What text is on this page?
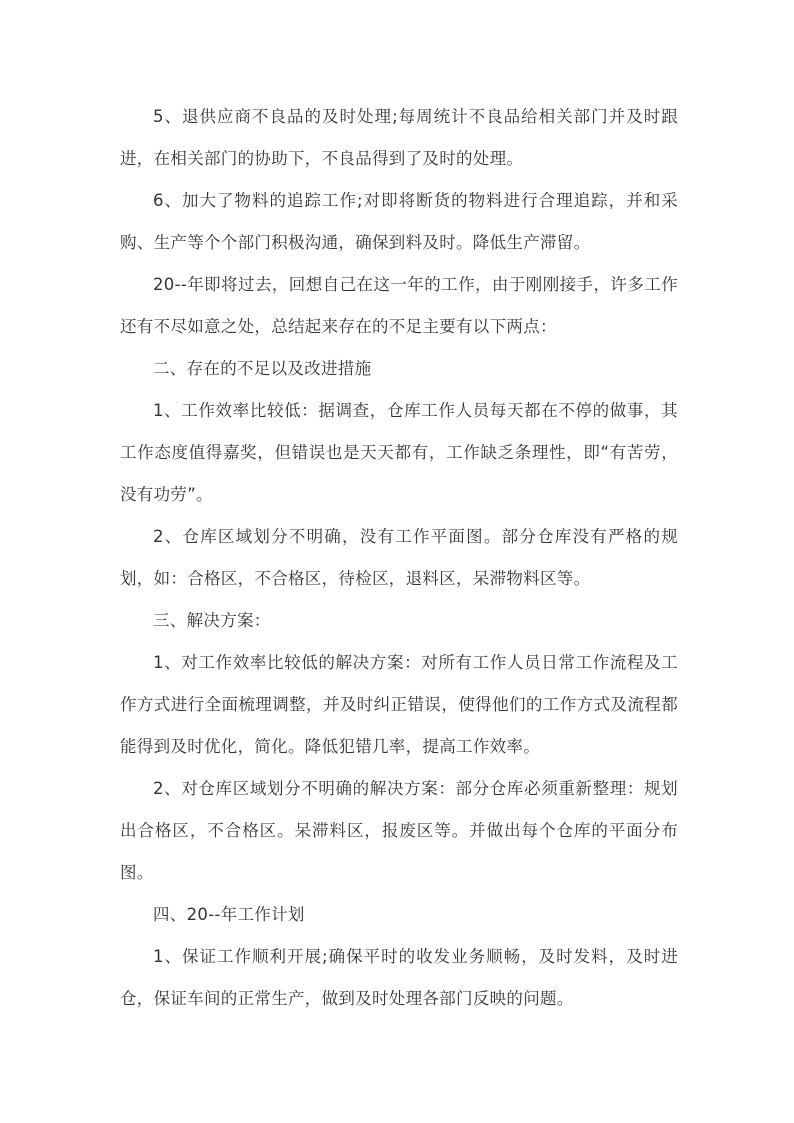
5、退供应商不良品的及时处理;每周统计不良品给相关部门并及时跟进，在相关部门的协助下，不良品得到了及时的处理。

6、加大了物料的追踪工作;对即将断货的物料进行合理追踪，并和采购、生产等个个部门积极沟通，确保到料及时。降低生产滞留。

20--年即将过去，回想自己在这一年的工作，由于刚刚接手，许多工作还有不尽如意之处，总结起来存在的不足主要有以下两点：

二、存在的不足以及改进措施

1、工作效率比较低：据调查，仓库工作人员每天都在不停的做事，其工作态度值得嘉奖，但错误也是天天都有，工作缺乏条理性，即“有苦劳，没有功劳”。

2、仓库区域划分不明确，没有工作平面图。部分仓库没有严格的规划，如：合格区，不合格区，待检区，退料区，呆滞物料区等。

三、解决方案：

1、对工作效率比较低的解决方案：对所有工作人员日常工作流程及工作方式进行全面梳理调整，并及时纠正错误，使得他们的工作方式及流程都能得到及时优化，简化。降低犯错几率，提高工作效率。

2、对仓库区域划分不明确的解决方案：部分仓库必须重新整理：规划出合格区，不合格区。呆滞料区，报废区等。并做出每个仓库的平面分布图。

四、20--年工作计划

1、保证工作顺利开展;确保平时的收发业务顺畅，及时发料，及时进仓，保证车间的正常生产，做到及时处理各部门反映的问题。
